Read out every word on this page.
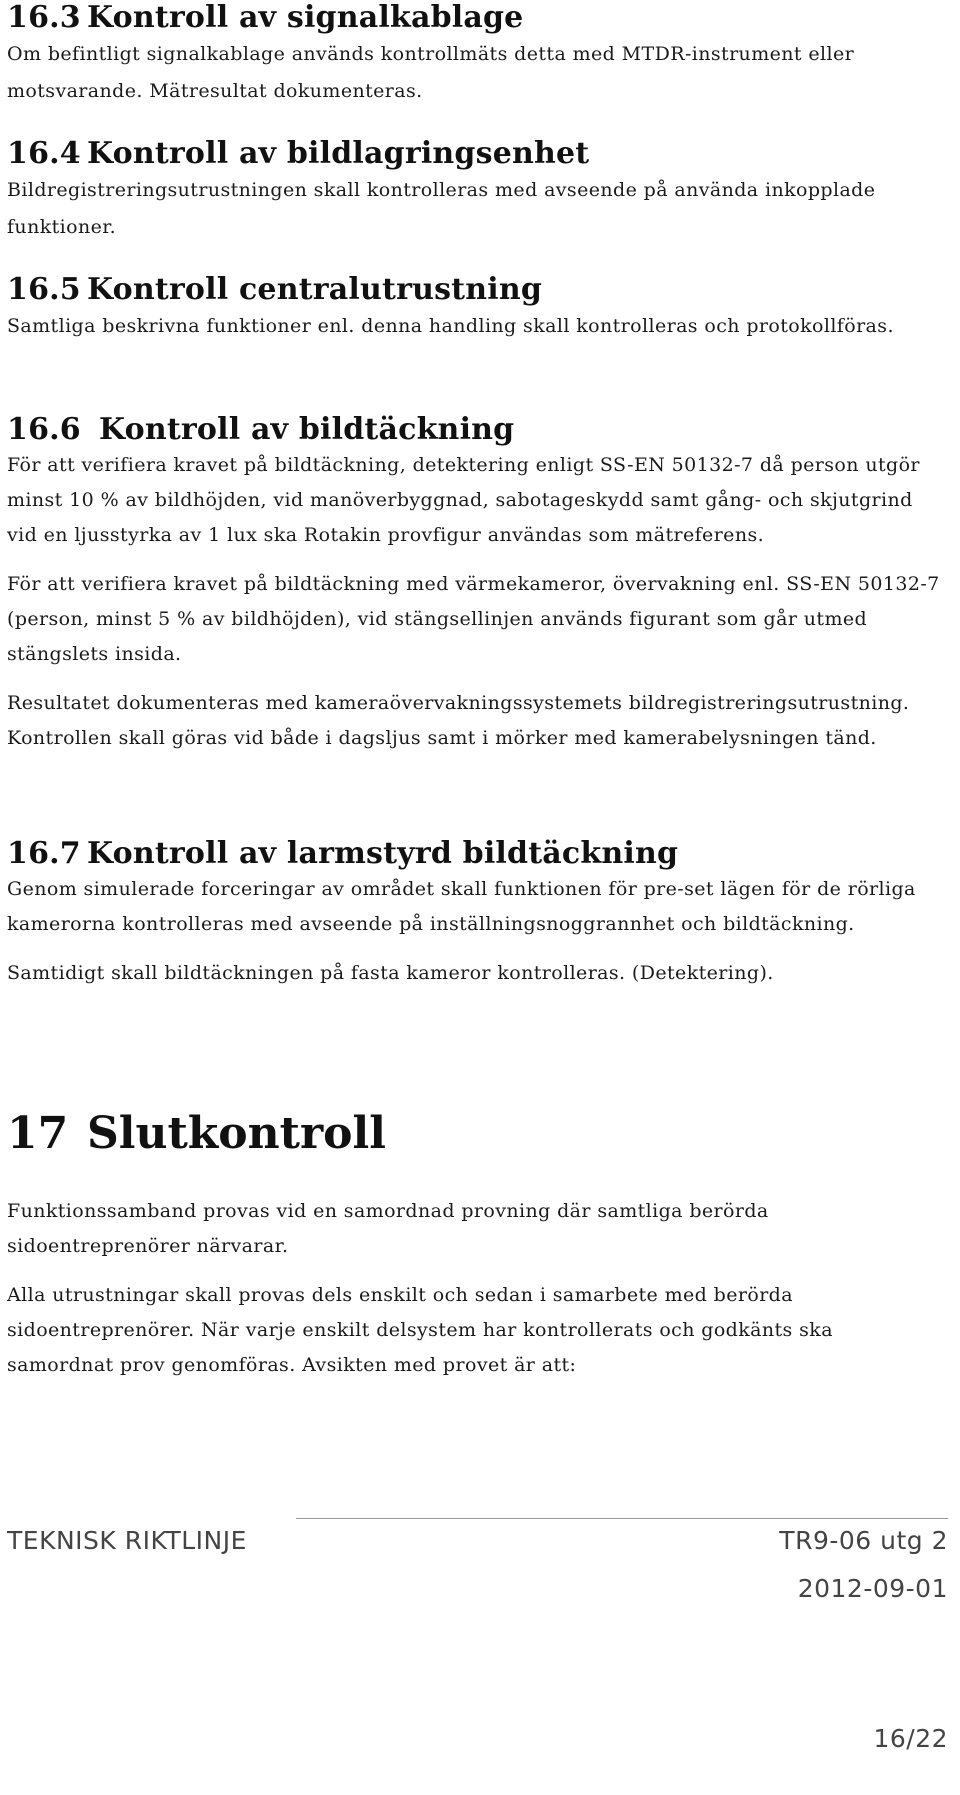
16.3 Kontroll av signalkablage

Om befintligt signalkablage används kontrollmäts detta med MTDR-instrument eller motsvarande. Mätresultat dokumenteras.

16.4 Kontroll av bildlagringsenhet

Bildregistreringsutrustningen skall kontrolleras med avseende på använda inkopplade funktioner.

16.5 Kontroll centralutrustning

Samtliga beskrivna funktioner enl. denna handling skall kontrolleras och protokollföras.

16.6 Kontroll av bildtäckning

För att verifiera kravet på bildtäckning, detektering enligt SS-EN 50132-7 då person utgör minst 10 % av bildhöjden, vid manöverbyggnad, sabotageskydd samt gång- och skjutgrind vid en ljusstyrka av 1 lux ska Rotakin provfigur användas som mätreferens.

För att verifiera kravet på bildtäckning med värmekameror, övervakning enl. SS-EN 50132-7 (person, minst 5 % av bildhöjden), vid stängsellinjen används figurant som går utmed stängslets insida.

Resultatet dokumenteras med kameraövervakningssystemets bildregistreringsutrustning. Kontrollen skall göras vid både i dagsljus samt i mörker med kamerabelysningen tänd.

16.7 Kontroll av larmstyrd bildtäckning

Genom simulerade forceringar av området skall funktionen för pre-set lägen för de rörliga kamerorna kontrolleras med avseende på inställningsnoggrannhet och bildtäckning.

Samtidigt skall bildtäckningen på fasta kameror kontrolleras. (Detektering).

17 Slutkontroll

Funktionssamband provas vid en samordnad provning där samtliga berörda sidoentreprenörer närvarar.

Alla utrustningar skall provas dels enskilt och sedan i samarbete med berörda sidoentreprenörer. När varje enskilt delsystem har kontrollerats och godkänts ska samordnat prov genomföras. Avsikten med provet är att:

TEKNISK RIKTLINJE	TR9-06 utg 2
2012-09-01
16/22
